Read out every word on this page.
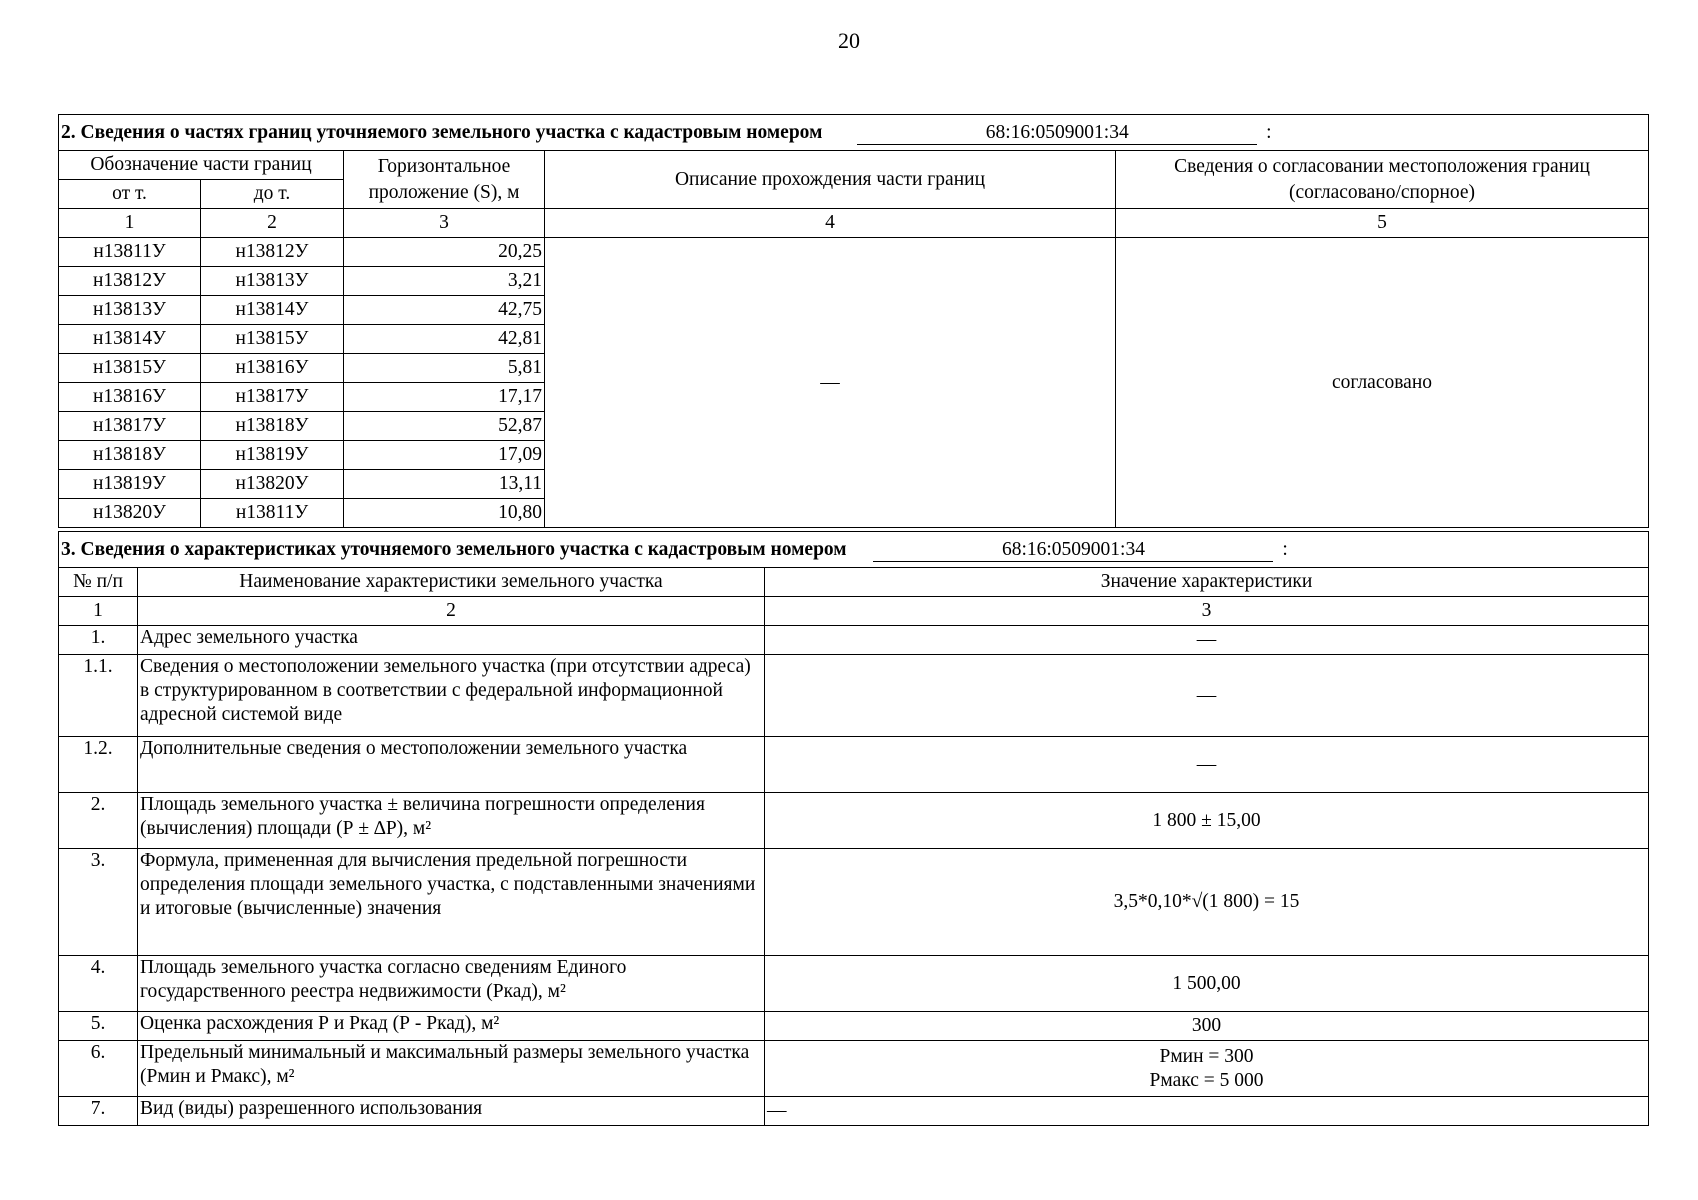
20
2. Сведения о частях границ уточняемого земельного участка с кадастровым номером 68:16:0509001:34 :				
Обозначение части границ		Горизонтальное проложение (S), м	Описание прохождения части границ	Сведения о согласовании местоположения границ (согласовано/спорное)
от т.	до т.			
1	2	3	4	5
н13811У	н13812У	20,25	—	согласовано
н13812У	н13813У	3,21		
н13813У	н13814У	42,75		
н13814У	н13815У	42,81		
н13815У	н13816У	5,81		
н13816У	н13817У	17,17		
н13817У	н13818У	52,87		
н13818У	н13819У	17,09		
н13819У	н13820У	13,11		
н13820У	н13811У	10,80		
3. Сведения о характеристиках уточняемого земельного участка с кадастровым номером 68:16:0509001:34 :		
№ п/п	Наименование характеристики земельного участка	Значение характеристики
1	2	3
1.	Адрес земельного участка	—
1.1.	Сведения о местоположении земельного участка (при отсутствии адреса) в структурированном в соответствии с федеральной информационной адресной системой виде	—
1.2.	Дополнительные сведения о местоположении земельного участка	—
2.	Площадь земельного участка ± величина погрешности определения (вычисления) площади (Р ± ∆Р), м²	1 800 ± 15,00
3.	Формула, примененная для вычисления предельной погрешности определения площади земельного участка, с подставленными значениями и итоговые (вычисленные) значения	3,5*0,10*√(1 800) = 15
4.	Площадь земельного участка согласно сведениям Единого государственного реестра недвижимости (Ркад), м²	1 500,00
5.	Оценка расхождения Р и Ркад (Р - Ркад), м²	300
6.	Предельный минимальный и максимальный размеры земельного участка (Рмин и Рмакс), м²	Рмин = 300
Рмакс = 5 000

7.	Вид (виды) разрешенного использования	—
